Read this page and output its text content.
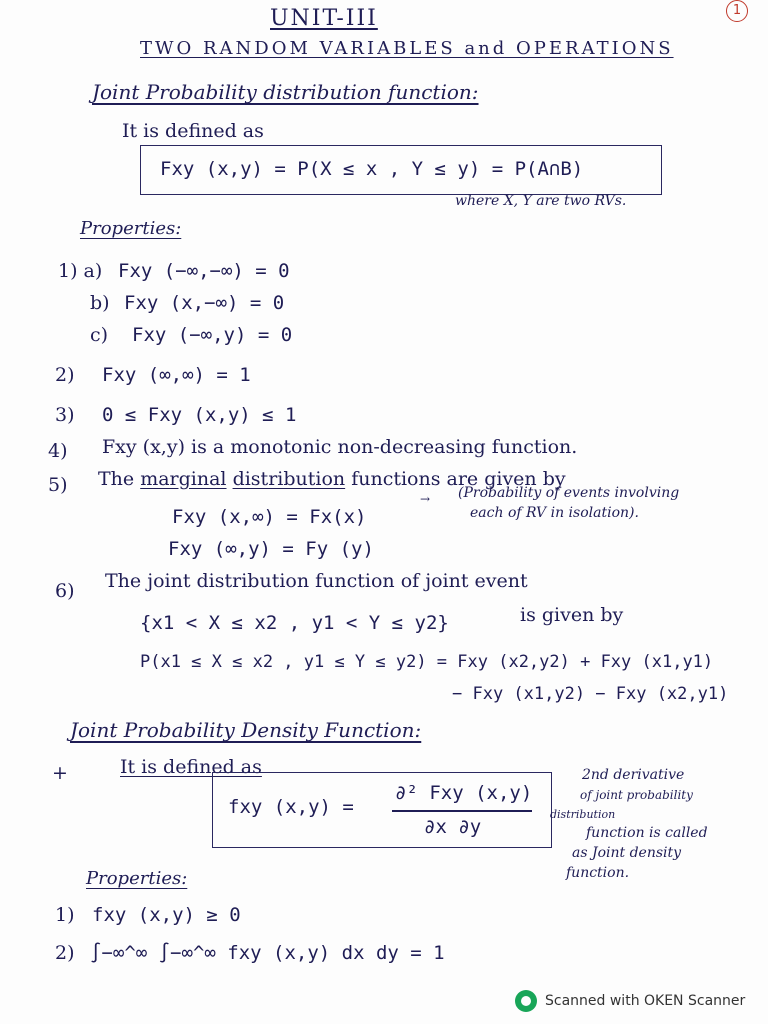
1
UNIT-III
TWO RANDOM VARIABLES and OPERATIONS
Joint Probability distribution function:
It is defined as
Fxy (x,y) = P(X ≤ x , Y ≤ y) = P(A∩B)
where X, Y are two RVs.
Properties:
1) a) Fxy (−∞,−∞) = 0
b) Fxy (x,−∞) = 0
c) Fxy (−∞,y) = 0
2) Fxy (∞,∞) = 1
3) 0 ≤ Fxy (x,y) ≤ 1
4) Fxy (x,y) is a monotonic non-decreasing function.
5) The marginal distribution functions are given by
→ (Probability of events involving
each of RV in isolation).
Fxy (x,∞) = Fx(x)
Fxy (∞,y) = Fy (y)
6) The joint distribution function of joint event
{x1 < X ≤ x2 , y1 < Y ≤ y2}	is given by
P(x1 ≤ X ≤ x2 , y1 ≤ Y ≤ y2) = Fxy (x2,y2) + Fxy (x1,y1)
− Fxy (x1,y2) − Fxy (x2,y1)
Joint Probability Density Function:
+	It is defined as
fxy (x,y) =
∂² Fxy (x,y)
∂x ∂y
2nd derivative
of joint probability
distribution
function is called
as Joint density
function.
Properties:
1) fxy (x,y) ≥ 0
2) ∫−∞^∞ ∫−∞^∞ fxy (x,y) dx dy = 1
Scanned with OKEN Scanner
